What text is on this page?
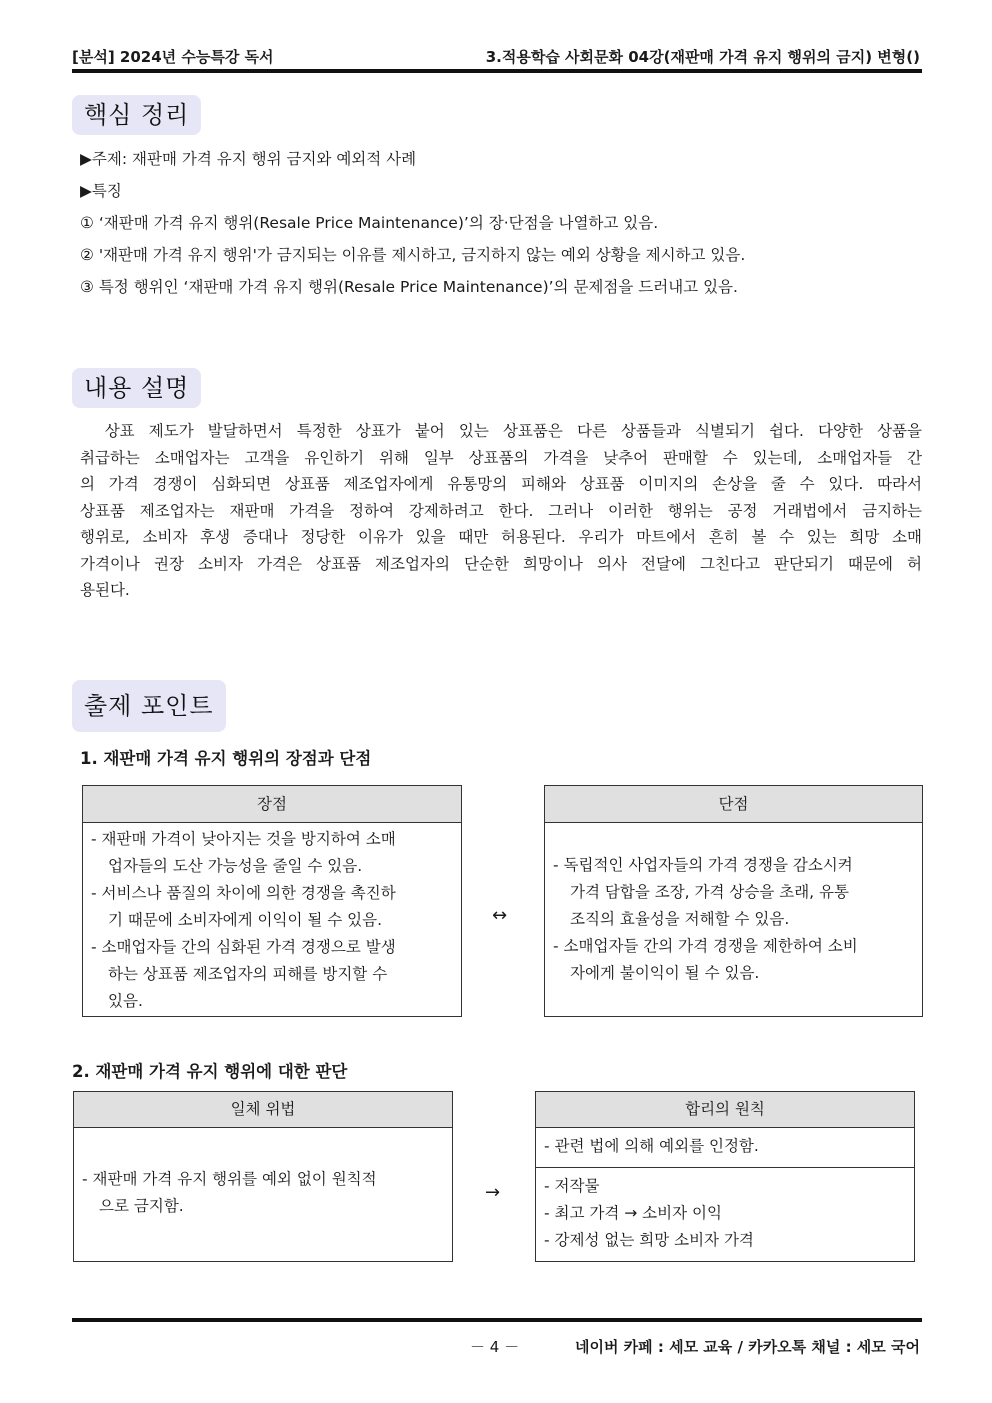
[분석] 2024년 수능특강 독서	3.적용학습 사회문화 04강(재판매 가격 유지 행위의 금지) 변형()
핵심 정리
▶주제: 재판매 가격 유지 행위 금지와 예외적 사례
▶특징
① ‘재판매 가격 유지 행위(Resale Price Maintenance)’의 장·단점을 나열하고 있음.
② '재판매 가격 유지 행위'가 금지되는 이유를 제시하고, 금지하지 않는 예외 상황을 제시하고 있음.
③ 특정 행위인 ‘재판매 가격 유지 행위(Resale Price Maintenance)’의 문제점을 드러내고 있음.
내용 설명
　상표 제도가 발달하면서 특정한 상표가 붙어 있는 상표품은 다른 상품들과 식별되기 쉽다. 다양한 상품을
취급하는 소매업자는 고객을 유인하기 위해 일부 상표품의 가격을 낮추어 판매할 수 있는데, 소매업자들 간
의 가격 경쟁이 심화되면 상표품 제조업자에게 유통망의 피해와 상표품 이미지의 손상을 줄 수 있다. 따라서
상표품 제조업자는 재판매 가격을 정하여 강제하려고 한다. 그러나 이러한 행위는 공정 거래법에서 금지하는
행위로, 소비자 후생 증대나 정당한 이유가 있을 때만 허용된다. 우리가 마트에서 흔히 볼 수 있는 희망 소매
가격이나 권장 소비자 가격은 상표품 제조업자의 단순한 희망이나 의사 전달에 그친다고 판단되기 때문에 허
용된다.
출제 포인트
1. 재판매 가격 유지 행위의 장점과 단점
장점
- 재판매 가격이 낮아지는 것을 방지하여 소매
업자들의 도산 가능성을 줄일 수 있음.
- 서비스나 품질의 차이에 의한 경쟁을 촉진하
기 때문에 소비자에게 이익이 될 수 있음.
- 소매업자들 간의 심화된 가격 경쟁으로 발생
하는 상표품 제조업자의 피해를 방지할 수
있음.
↔
단점
- 독립적인 사업자들의 가격 경쟁을 감소시켜
가격 담합을 조장, 가격 상승을 초래, 유통
조직의 효율성을 저해할 수 있음.
- 소매업자들 간의 가격 경쟁을 제한하여 소비
자에게 불이익이 될 수 있음.
2. 재판매 가격 유지 행위에 대한 판단
일체 위법
- 재판매 가격 유지 행위를 예외 없이 원칙적
으로 금지함.
→
합리의 원칙
- 관련 법에 의해 예외를 인정함.
- 저작물
- 최고 가격 → 소비자 이익
- 강제성 없는 희망 소비자 가격
－ 4 －	네이버 카페 : 세모 교육 / 카카오톡 채널 : 세모 국어
